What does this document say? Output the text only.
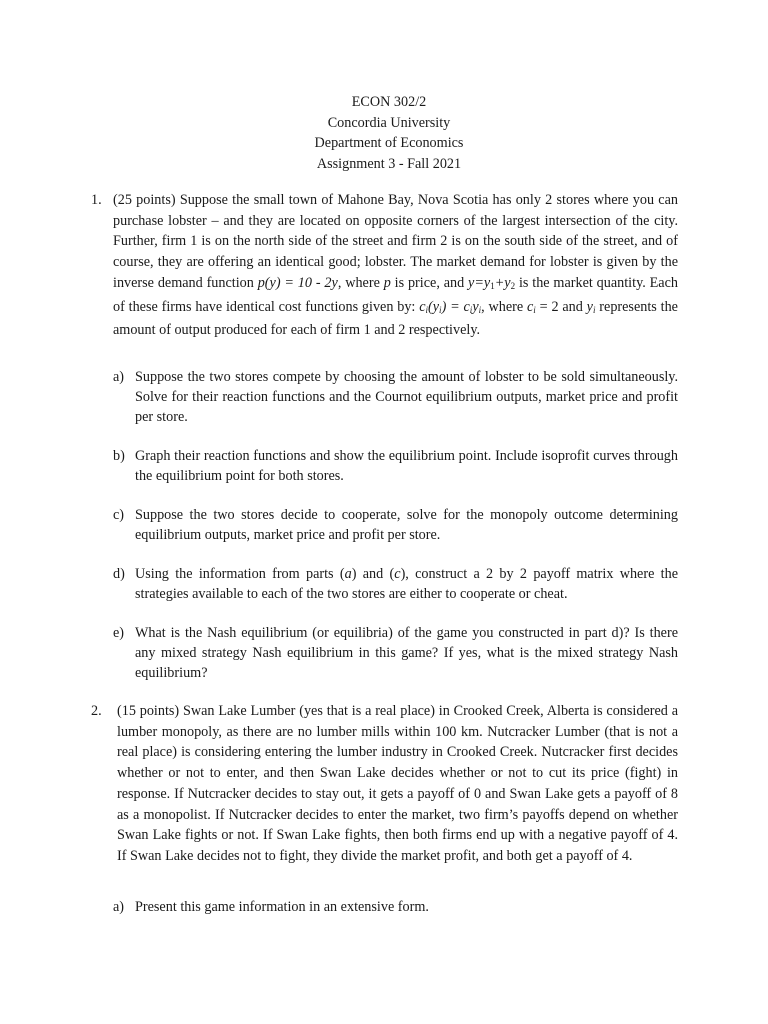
ECON 302/2
Concordia University
Department of Economics
Assignment 3 - Fall 2021
1. (25 points) Suppose the small town of Mahone Bay, Nova Scotia has only 2 stores where you can purchase lobster – and they are located on opposite corners of the largest intersection of the city. Further, firm 1 is on the north side of the street and firm 2 is on the south side of the street, and of course, they are offering an identical good; lobster. The market demand for lobster is given by the inverse demand function p(y) = 10 - 2y, where p is price, and $y=y_1+y_2$ is the market quantity. Each of these firms have identical cost functions given by: $c_i(y_i) = c_iy_i$, where $c_i = 2$ and $y_i$ represents the amount of output produced for each of firm 1 and 2 respectively.

a) Suppose the two stores compete by choosing the amount of lobster to be sold simultaneously. Solve for their reaction functions and the Cournot equilibrium outputs, market price and profit per store.
b) Graph their reaction functions and show the equilibrium point. Include isoprofit curves through the equilibrium point for both stores.
c) Suppose the two stores decide to cooperate, solve for the monopoly outcome determining equilibrium outputs, market price and profit per store.
d) Using the information from parts (a) and (c), construct a 2 by 2 payoff matrix where the strategies available to each of the two stores are either to cooperate or cheat.
e) What is the Nash equilibrium (or equilibria) of the game you constructed in part d)? Is there any mixed strategy Nash equilibrium in this game? If yes, what is the mixed strategy Nash equilibrium?
2. (15 points) Swan Lake Lumber (yes that is a real place) in Crooked Creek, Alberta is considered a lumber monopoly, as there are no lumber mills within 100 km. Nutcracker Lumber (that is not a real place) is considering entering the lumber industry in Crooked Creek. Nutcracker first decides whether or not to enter, and then Swan Lake decides whether or not to cut its price (fight) in response. If Nutcracker decides to stay out, it gets a payoff of 0 and Swan Lake gets a payoff of 8 as a monopolist. If Nutcracker decides to enter the market, two firm’s payoffs depend on whether Swan Lake fights or not. If Swan Lake fights, then both firms end up with a negative payoff of 4. If Swan Lake decides not to fight, they divide the market profit, and both get a payoff of 4.
a) Present this game information in an extensive form.
